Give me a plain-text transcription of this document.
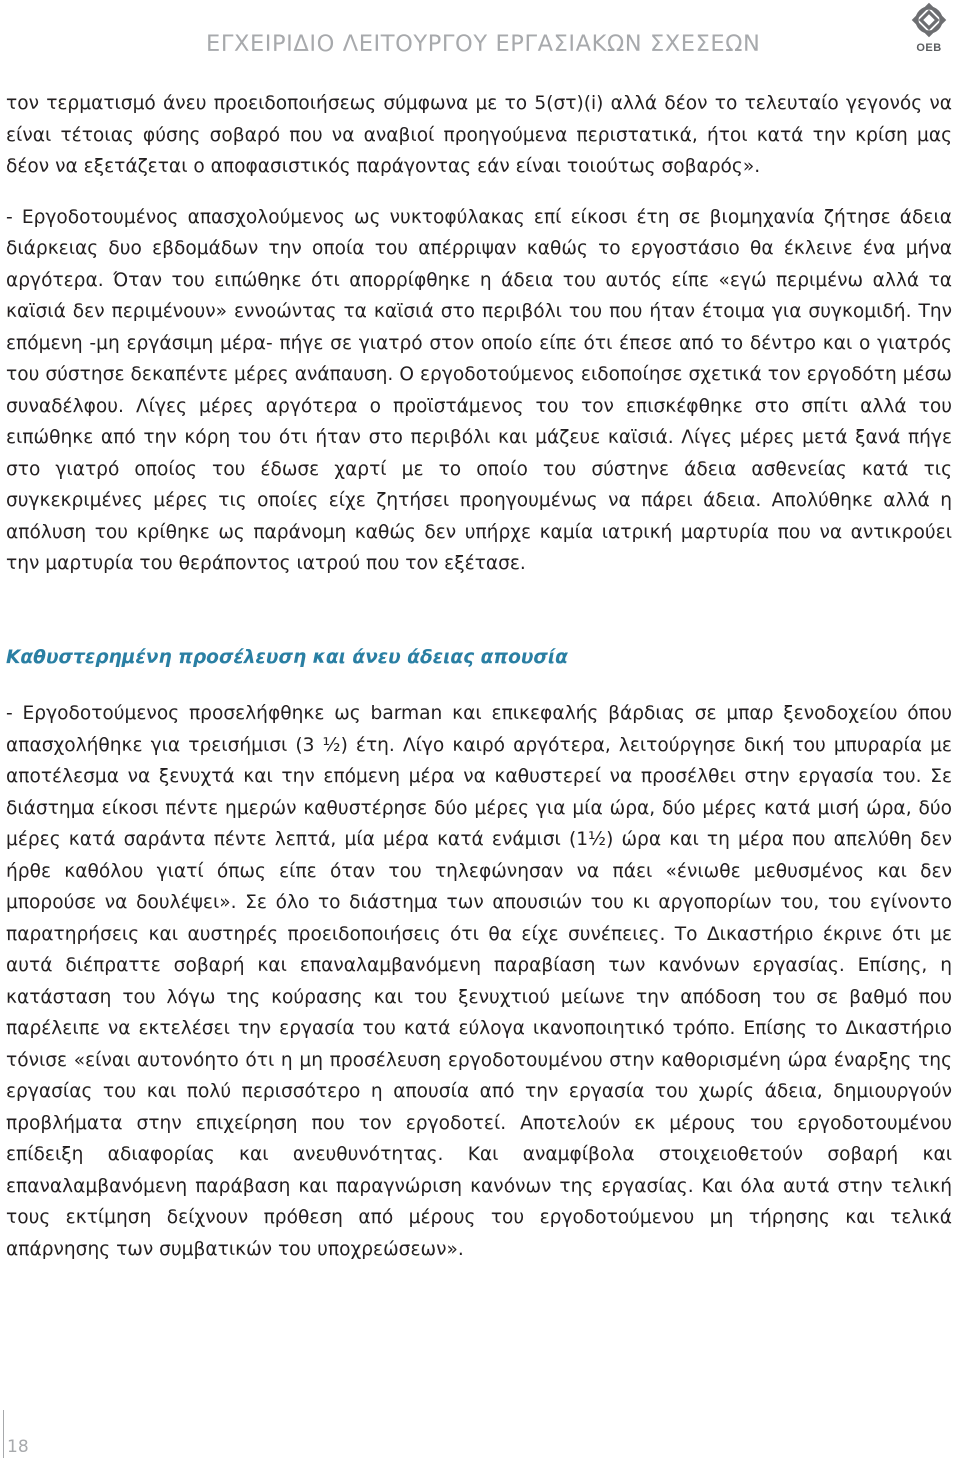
ΕΓΧΕΙΡΙΔΙΟ ΛΕΙΤΟΥΡΓΟΥ ΕΡΓΑΣΙΑΚΩΝ ΣΧΕΣΕΩΝ	ΟΕΒ

τον τερματισμό άνευ προειδοποιήσεως σύμφωνα με το 5(στ)(i) αλλά δέον το τελευταίο γεγονός να είναι τέτοιας φύσης σοβαρό που να αναβιοί προηγούμενα περιστατικά, ήτοι κατά την κρίση μας δέον να εξετάζεται ο αποφασιστικός παράγοντας εάν είναι τοιούτως σοβαρός».

- Εργοδοτουμένος απασχολούμενος ως νυκτοφύλακας επί είκοσι έτη σε βιομηχανία ζήτησε άδεια διάρκειας δυο εβδομάδων την οποία του απέρριψαν καθώς το εργοστάσιο θα έκλεινε ένα μήνα αργότερα. Όταν του ειπώθηκε ότι απορρίφθηκε η άδεια του αυτός είπε «εγώ περιμένω αλλά τα καϊσιά δεν περιμένουν» εννοώντας τα καϊσιά στο περιβόλι του που ήταν έτοιμα για συγκομιδή. Την επόμενη -μη εργάσιμη μέρα- πήγε σε γιατρό στον οποίο είπε ότι έπεσε από το δέντρο και ο γιατρός του σύστησε δεκαπέντε μέρες ανάπαυση. Ο εργοδοτούμενος ειδοποίησε σχετικά τον εργοδότη μέσω συναδέλφου. Λίγες μέρες αργότερα ο προϊστάμενος του τον επισκέφθηκε στο σπίτι αλλά του ειπώθηκε από την κόρη του ότι ήταν στο περιβόλι και μάζευε καϊσιά. Λίγες μέρες μετά ξανά πήγε στο γιατρό οποίος του έδωσε χαρτί με το οποίο του σύστηνε άδεια ασθενείας κατά τις συγκεκριμένες μέρες τις οποίες είχε ζητήσει προηγουμένως να πάρει άδεια. Απολύθηκε αλλά η απόλυση του κρίθηκε ως παράνομη καθώς δεν υπήρχε καμία ιατρική μαρτυρία που να αντικρούει την μαρτυρία του θεράποντος ιατρού που τον εξέτασε.

Καθυστερημένη προσέλευση και άνευ άδειας απουσία

- Εργοδοτούμενος προσελήφθηκε ως barman και επικεφαλής βάρδιας σε μπαρ ξενοδοχείου όπου απασχολήθηκε για τρεισήμισι (3 ½) έτη. Λίγο καιρό αργότερα, λειτούργησε δική του μπυραρία με αποτέλεσμα να ξενυχτά και την επόμενη μέρα να καθυστερεί να προσέλθει στην εργασία του. Σε διάστημα είκοσι πέντε ημερών καθυστέρησε δύο μέρες για μία ώρα, δύο μέρες κατά μισή ώρα, δύο μέρες κατά σαράντα πέντε λεπτά, μία μέρα κατά ενάμισι (1½) ώρα και τη μέρα που απελύθη δεν ήρθε καθόλου γιατί όπως είπε όταν του τηλεφώνησαν να πάει «ένιωθε μεθυσμένος και δεν μπορούσε να δουλέψει». Σε όλο το διάστημα των απουσιών του κι αργοπορίων του, του εγίνοντο παρατηρήσεις και αυστηρές προειδοποιήσεις ότι θα είχε συνέπειες. Το Δικαστήριο έκρινε ότι με αυτά διέπραττε σοβαρή και επαναλαμβανόμενη παραβίαση των κανόνων εργασίας. Επίσης, η κατάσταση του λόγω της κούρασης και του ξενυχτιού μείωνε την απόδοση του σε βαθμό που παρέλειπε να εκτελέσει την εργασία του κατά εύλογα ικανοποιητικό τρόπο. Επίσης το Δικαστήριο τόνισε «είναι αυτονόητο ότι η μη προσέλευση εργοδοτουμένου στην καθορισμένη ώρα έναρξης της εργασίας του και πολύ περισσότερο η απουσία από την εργασία του χωρίς άδεια, δημιουργούν προβλήματα στην επιχείρηση που τον εργοδοτεί. Αποτελούν εκ μέρους του εργοδοτουμένου επίδειξη αδιαφορίας και ανευθυνότητας. Και αναμφίβολα στοιχειοθετούν σοβαρή και επαναλαμβανόμενη παράβαση και παραγνώριση κανόνων της εργασίας. Και όλα αυτά στην τελική τους εκτίμηση δείχνουν πρόθεση από μέρους του εργοδοτούμενου μη τήρησης και τελικά απάρνησης των συμβατικών του υποχρεώσεων».

18
